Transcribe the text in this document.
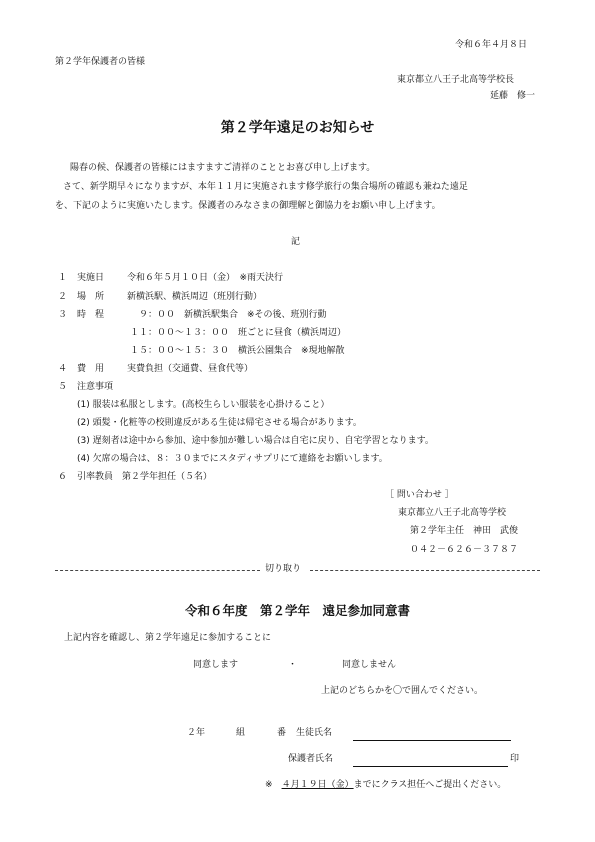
令和６年４月８日
第２学年保護者の皆様
東京都立八王子北高等学校長
延藤　修一
第２学年遠足のお知らせ
陽春の候、保護者の皆様にはますますご清祥のこととお喜び申し上げます。
さて、新学期早々になりますが、本年１１月に実施されます修学旅行の集合場所の確認も兼ねた遠足
を、下記のように実施いたします。保護者のみなさまの御理解と御協力をお願い申し上げます。
記
１ 実施日	令和６年５月１０日（金）　※雨天決行
２ 場　所	新横浜駅、横浜周辺（班別行動）
３ 時　程	　９：００　新横浜駅集合　※その後、班別行動
１１：００～１３：００　班ごとに昼食（横浜周辺）
１５：００～１５：３０　横浜公園集合　※現地解散
４ 費　用	実費負担（交通費、昼食代等）
５ 注意事項
(1) 服装は私服とします。(高校生らしい服装を心掛けること）
(2) 頭髪・化粧等の校則違反がある生徒は帰宅させる場合があります。
(3) 遅刻者は途中から参加、途中参加が難しい場合は自宅に戻り、自宅学習となります。
(4) 欠席の場合は、８：３０までにスタディサプリにて連絡をお願いします。
６ 引率教員　第２学年担任（５名）
［ 問い合わせ ］
東京都立八王子北高等学校
第２学年主任　神田　武俊
０４２－６２６－３７８７
切り取り
令和６年度　第２学年　遠足参加同意書
上記内容を確認し、第２学年遠足に参加することに
同意します	・	同意しません
上記のどちらかを〇で囲んでください。
２年	組	番 生徒氏名
保護者氏名	印
※　 ４月１９日（金）までにクラス担任へご提出ください。
